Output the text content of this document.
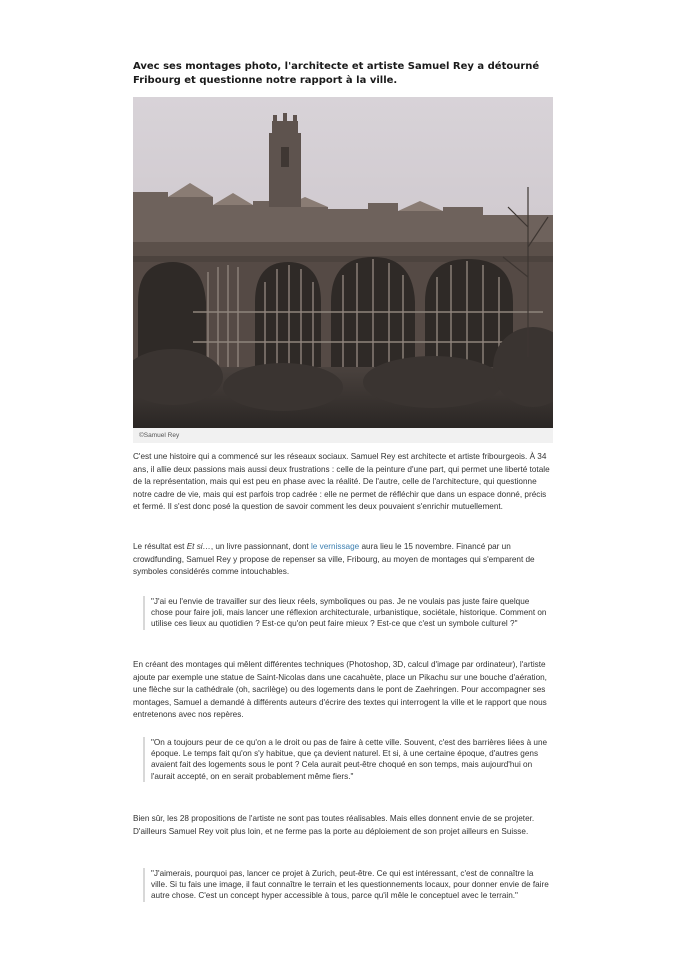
Avec ses montages photo, l'architecte et artiste Samuel Rey a détourné Fribourg et questionne notre rapport à la ville.

©Samuel Rey

C'est une histoire qui a commencé sur les réseaux sociaux. Samuel Rey est architecte et artiste fribourgeois. À 34 ans, il allie deux passions mais aussi deux frustrations : celle de la peinture d'une part, qui permet une liberté totale de la représentation, mais qui est peu en phase avec la réalité. De l'autre, celle de l'architecture, qui questionne notre cadre de vie, mais qui est parfois trop cadrée : elle ne permet de réfléchir que dans un espace donné, précis et fermé. Il s'est donc posé la question de savoir comment les deux pouvaient s'enrichir mutuellement.

Le résultat est Et si…, un livre passionnant, dont le vernissage aura lieu le 15 novembre. Financé par un crowdfunding, Samuel Rey y propose de repenser sa ville, Fribourg, au moyen de montages qui s'emparent de symboles considérés comme intouchables.

"J'ai eu l'envie de travailler sur des lieux réels, symboliques ou pas. Je ne voulais pas juste faire quelque chose pour faire joli, mais lancer une réflexion architecturale, urbanistique, sociétale, historique. Comment on utilise ces lieux au quotidien ? Est-ce qu'on peut faire mieux ? Est-ce que c'est un symbole culturel ?"

En créant des montages qui mêlent différentes techniques (Photoshop, 3D, calcul d'image par ordinateur), l'artiste ajoute par exemple une statue de Saint-Nicolas dans une cacahuète, place un Pikachu sur une bouche d'aération, une flèche sur la cathédrale (oh, sacrilège) ou des logements dans le pont de Zaehringen. Pour accompagner ses montages, Samuel a demandé à différents auteurs d'écrire des textes qui interrogent la ville et le rapport que nous entretenons avec nos repères.

"On a toujours peur de ce qu'on a le droit ou pas de faire à cette ville. Souvent, c'est des barrières liées à une époque. Le temps fait qu'on s'y habitue, que ça devient naturel. Et si, à une certaine époque, d'autres gens avaient fait des logements sous le pont ? Cela aurait peut-être choqué en son temps, mais aujourd'hui on l'aurait accepté, on en serait probablement même fiers."

Bien sûr, les 28 propositions de l'artiste ne sont pas toutes réalisables. Mais elles donnent envie de se projeter. D'ailleurs Samuel Rey voit plus loin, et ne ferme pas la porte au déploiement de son projet ailleurs en Suisse.

"J'aimerais, pourquoi pas, lancer ce projet à Zurich, peut-être. Ce qui est intéressant, c'est de connaître la ville. Si tu fais une image, il faut connaître le terrain et les questionnements locaux, pour donner envie de faire autre chose. C'est un concept hyper accessible à tous, parce qu'il mêle le conceptuel avec le terrain."
